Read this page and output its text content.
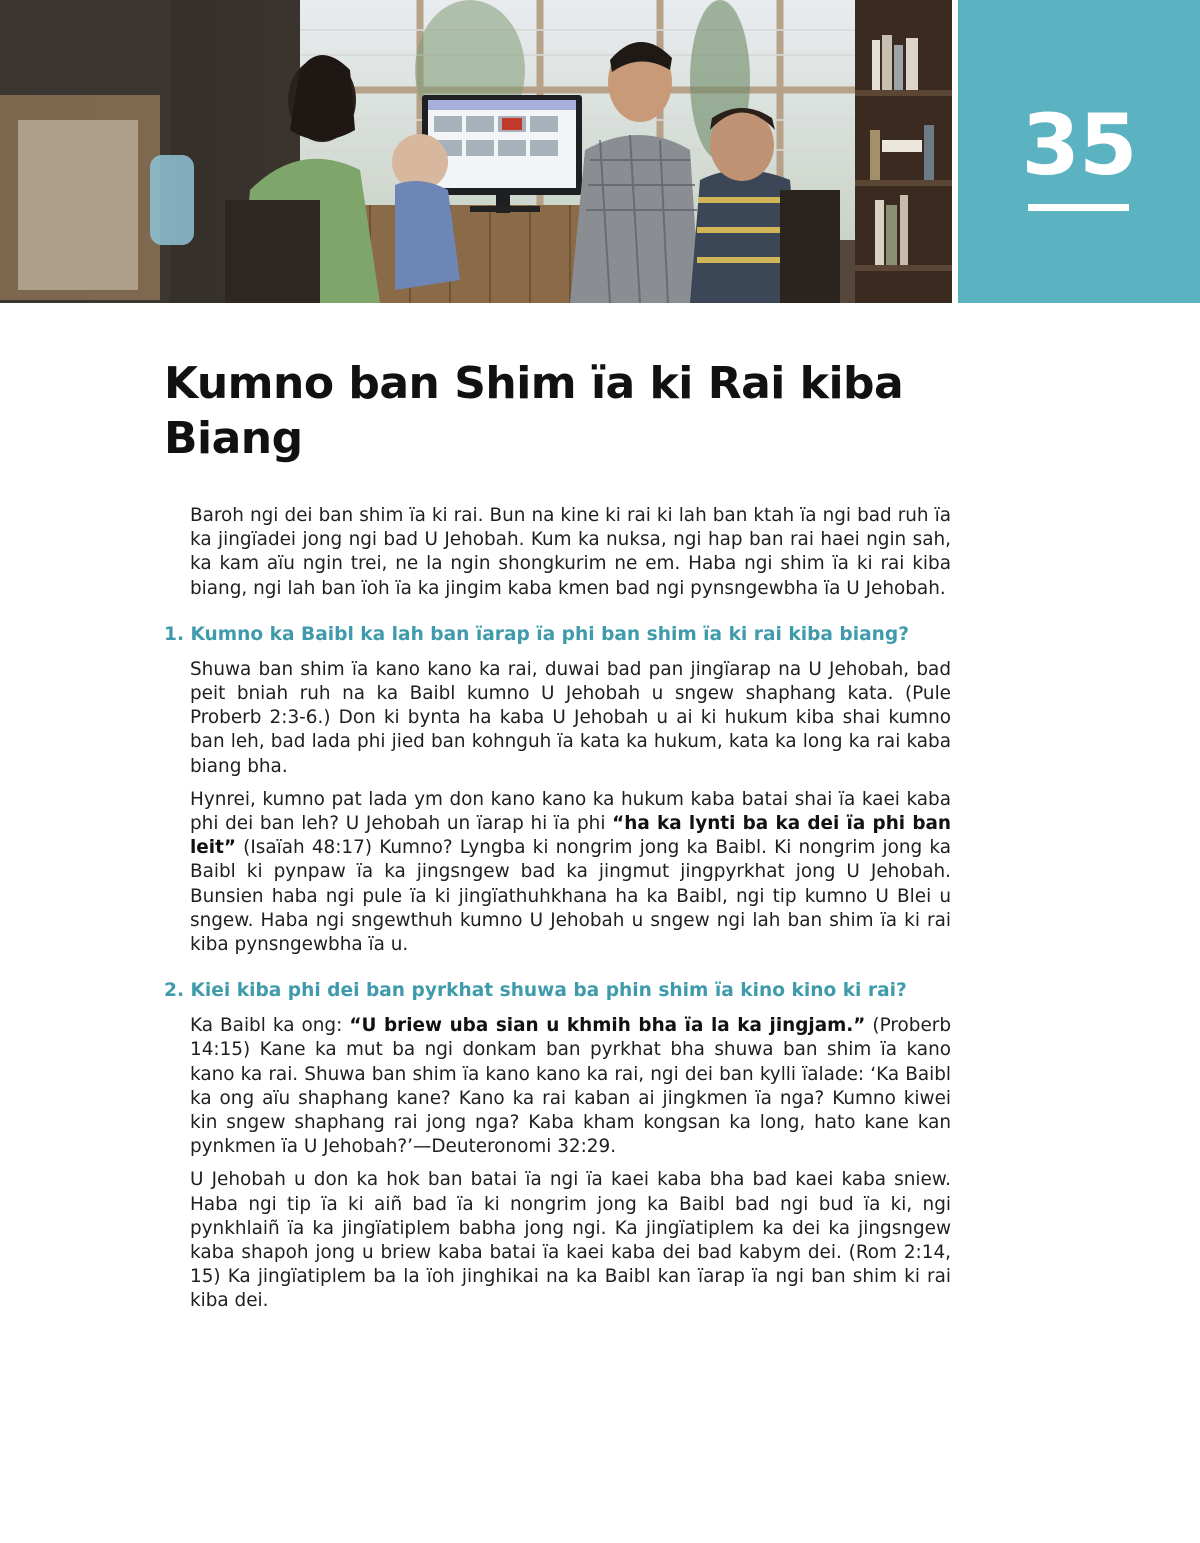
35
Kumno ban Shim ïa ki Rai kiba Biang

Baroh ngi dei ban shim ïa ki rai. Bun na kine ki rai ki lah ban ktah ïa ngi bad ruh ïa ka jingïadei jong ngi bad U Jehobah. Kum ka nuksa, ngi hap ban rai haei ngin sah, ka kam aïu ngin trei, ne la ngin shongkurim ne em. Haba ngi shim ïa ki rai kiba biang, ngi lah ban ïoh ïa ka jingim kaba kmen bad ngi pynsngewbha ïa U Jehobah.

1. Kumno ka Baibl ka lah ban ïarap ïa phi ban shim ïa ki rai kiba biang?

Shuwa ban shim ïa kano kano ka rai, duwai bad pan jingïarap na U Jehobah, bad peit bniah ruh na ka Baibl kumno U Jehobah u sngew shaphang kata. (Pule Proberb 2:3-6.) Don ki bynta ha kaba U Jehobah u ai ki hukum kiba shai kumno ban leh, bad lada phi jied ban kohnguh ïa kata ka hukum, kata ka long ka rai kaba biang bha.

Hynrei, kumno pat lada ym don kano kano ka hukum kaba batai shai ïa kaei kaba phi dei ban leh? U Jehobah un ïarap hi ïa phi “ha ka lynti ba ka dei ïa phi ban leit” (Isaïah 48:17) Kumno? Lyngba ki nongrim jong ka Baibl. Ki nongrim jong ka Baibl ki pynpaw ïa ka jingsngew bad ka jingmut jingpyrkhat jong U Jehobah. Bunsien haba ngi pule ïa ki jingïathuhkhana ha ka Baibl, ngi tip kumno U Blei u sngew. Haba ngi sngewthuh kumno U Jehobah u sngew ngi lah ban shim ïa ki rai kiba pynsngewbha ïa u.

2. Kiei kiba phi dei ban pyrkhat shuwa ba phin shim ïa kino kino ki rai?

Ka Baibl ka ong: “U briew uba sian u khmih bha ïa la ka jingjam.” (Proberb 14:15) Kane ka mut ba ngi donkam ban pyrkhat bha shuwa ban shim ïa kano kano ka rai. Shuwa ban shim ïa kano kano ka rai, ngi dei ban kylli ïalade: ‘Ka Baibl ka ong aïu shaphang kane? Kano ka rai kaban ai jingkmen ïa nga? Kumno kiwei kin sngew shaphang rai jong nga? Kaba kham kongsan ka long, hato kane kan pynkmen ïa U Jehobah?’—Deuteronomi 32:29.

U Jehobah u don ka hok ban batai ïa ngi ïa kaei kaba bha bad kaei kaba sniew. Haba ngi tip ïa ki aiñ bad ïa ki nongrim jong ka Baibl bad ngi bud ïa ki, ngi pynkhlaiñ ïa ka jingïatiplem babha jong ngi. Ka jingïatiplem ka dei ka jingsngew kaba shapoh jong u briew kaba batai ïa kaei kaba dei bad kabym dei. (Rom 2:14, 15) Ka jingïatiplem ba la ïoh jinghikai na ka Baibl kan ïarap ïa ngi ban shim ki rai kiba dei.
